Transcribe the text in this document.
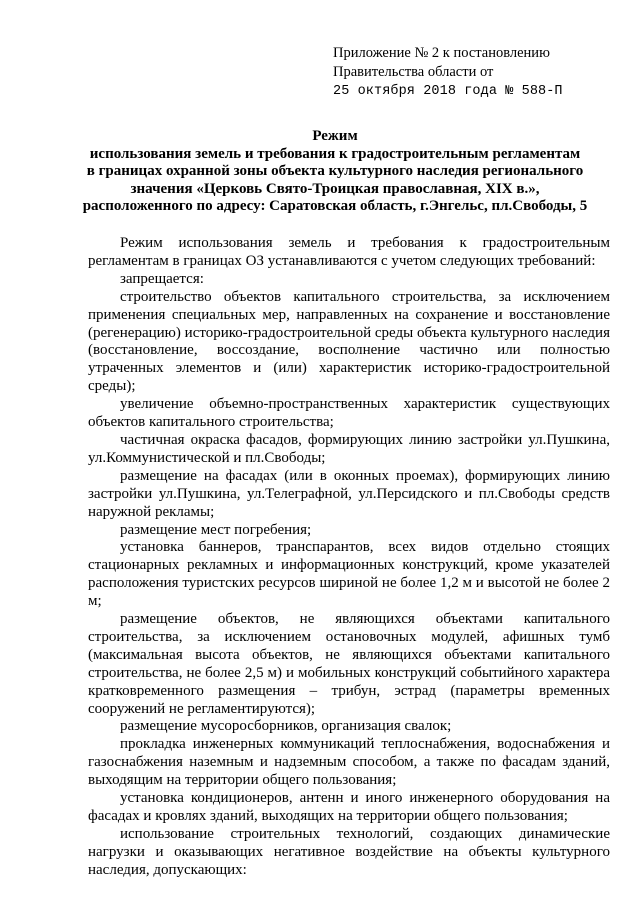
Приложение № 2 к постановлению
Правительства области от

25 октября 2018 года № 588-П
Режим
использования земель и требования к градостроительным регламентам
в границах охранной зоны объекта культурного наследия регионального
значения «Церковь Свято-Троицкая православная, XIX в.»,
расположенного по адресу: Саратовская область, г.Энгельс, пл.Свободы, 5

Режим использования земель и требования к градостроительным регламентам в границах ОЗ устанавливаются с учетом следующих требований:

запрещается:

строительство объектов капитального строительства, за исключением применения специальных мер, направленных на сохранение и восстановление (регенерацию) историко-градостроительной среды объекта культурного наследия (восстановление, воссоздание, восполнение частично или полностью утраченных элементов и (или) характеристик историко-градостроительной среды);

увеличение объемно-пространственных характеристик существующих объектов капитального строительства;

частичная окраска фасадов, формирующих линию застройки ул.Пушкина, ул.Коммунистической и пл.Свободы;

размещение на фасадах (или в оконных проемах), формирующих линию застройки ул.Пушкина, ул.Телеграфной, ул.Персидского и пл.Свободы средств наружной рекламы;

размещение мест погребения;

установка баннеров, транспарантов, всех видов отдельно стоящих стационарных рекламных и информационных конструкций, кроме указателей расположения туристских ресурсов шириной не более 1,2 м и высотой не более 2 м;

размещение объектов, не являющихся объектами капитального строительства, за исключением остановочных модулей, афишных тумб (максимальная высота объектов, не являющихся объектами капитального строительства, не более 2,5 м) и мобильных конструкций событийного характера кратковременного размещения – трибун, эстрад (параметры временных сооружений не регламентируются);

размещение мусоросборников, организация свалок;

прокладка инженерных коммуникаций теплоснабжения, водоснабжения и газоснабжения наземным и надземным способом, а также по фасадам зданий, выходящим на территории общего пользования;

установка кондиционеров, антенн и иного инженерного оборудования на фасадах и кровлях зданий, выходящих на территории общего пользования;

использование строительных технологий, создающих динамические нагрузки и оказывающих негативное воздействие на объекты культурного наследия, допускающих:
